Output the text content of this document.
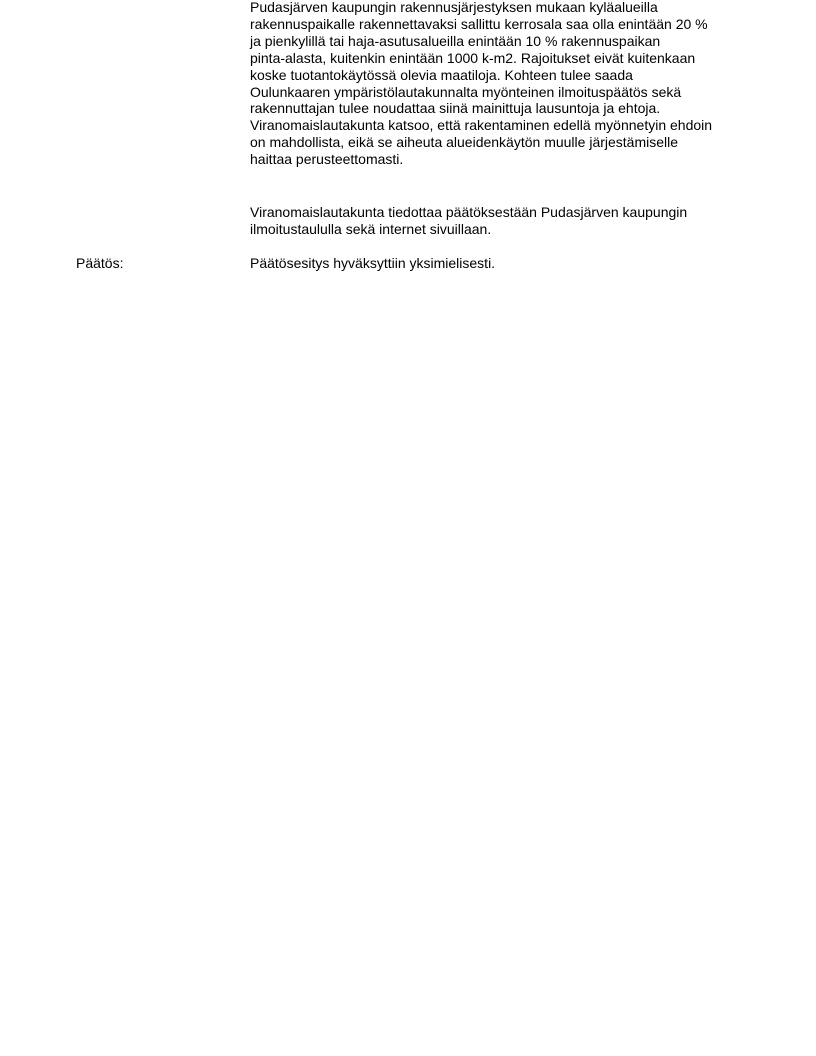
Pudasjärven kaupungin rakennusjärjestyksen mukaan kyläalueilla
rakennuspaikalle rakennettavaksi sallittu kerrosala saa olla enintään 20 %
ja pienkylillä tai haja-asutusalueilla enintään 10 % rakennuspaikan
pinta-alasta, kuitenkin enintään 1000 k-m2. Rajoitukset eivät kuitenkaan
koske tuotantokäytössä olevia maatiloja. Kohteen tulee saada
Oulunkaaren ympäristölautakunnalta myönteinen ilmoituspäätös sekä
rakennuttajan tulee noudattaa siinä mainittuja lausuntoja ja ehtoja.
Viranomaislautakunta katsoo, että rakentaminen edellä myönnetyin ehdoin
on mahdollista, eikä se aiheuta alueidenkäytön muulle järjestämiselle
haittaa perusteettomasti.
Viranomaislautakunta tiedottaa päätöksestään Pudasjärven kaupungin
ilmoitustaululla sekä internet sivuillaan.
Päätös:	Päätösesitys hyväksyttiin yksimielisesti.
